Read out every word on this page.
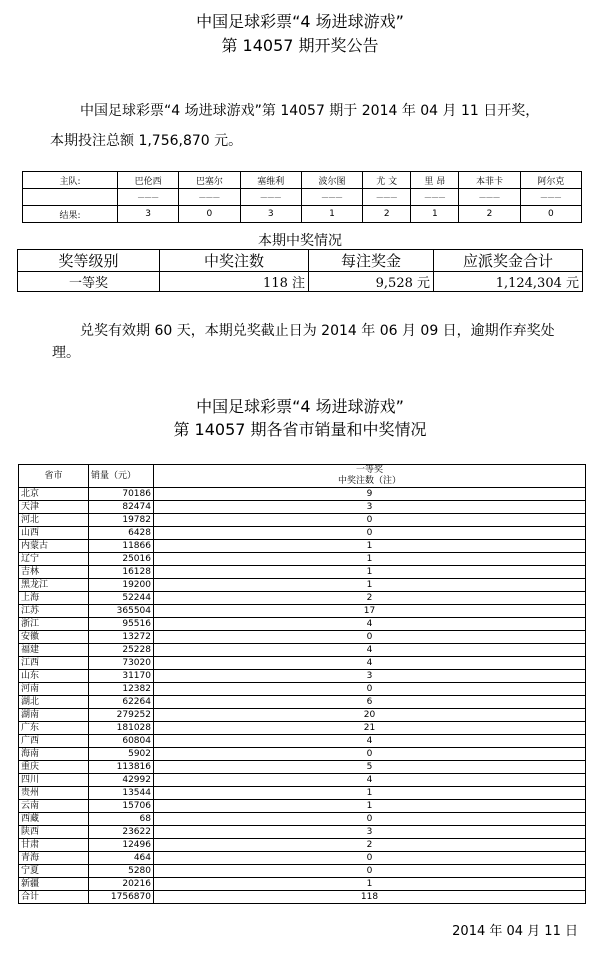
中国足球彩票“4 场进球游戏”
第 14057 期开奖公告
中国足球彩票“4 场进球游戏”第 14057 期于 2014 年 04 月 11 日开奖，
本期投注总额 1,756,870 元。
主队:	巴伦西	巴塞尔	塞维利	波尔图	尤 文	里 昂	本菲卡	阿尔克

	———	———	———	———	———	———	———	———

结果:	3	0	3	1	2	1	2	0
本期中奖情况
奖等级别	中奖注数	每注奖金	应派奖金合计
一等奖	118 注	9,528 元	1,124,304 元
兑奖有效期 60 天，本期兑奖截止日为 2014 年 06 月 09 日，逾期作弃奖处
理。
中国足球彩票“4 场进球游戏”
第 14057 期各省市销量和中奖情况
省市	销量（元）	一等奖
中奖注数（注）

北京	70186	9
天津	82474	3
河北	19782	0
山西	6428	0
内蒙古	11866	1
辽宁	25016	1
吉林	16128	1
黑龙江	19200	1
上海	52244	2
江苏	365504	17
浙江	95516	4
安徽	13272	0
福建	25228	4
江西	73020	4
山东	31170	3
河南	12382	0
湖北	62264	6
湖南	279252	20
广东	181028	21
广西	60804	4
海南	5902	0
重庆	113816	5
四川	42992	4
贵州	13544	1
云南	15706	1
西藏	68	0
陕西	23622	3
甘肃	12496	2
青海	464	0
宁夏	5280	0
新疆	20216	1
合计	1756870	118
2014 年 04 月 11 日
